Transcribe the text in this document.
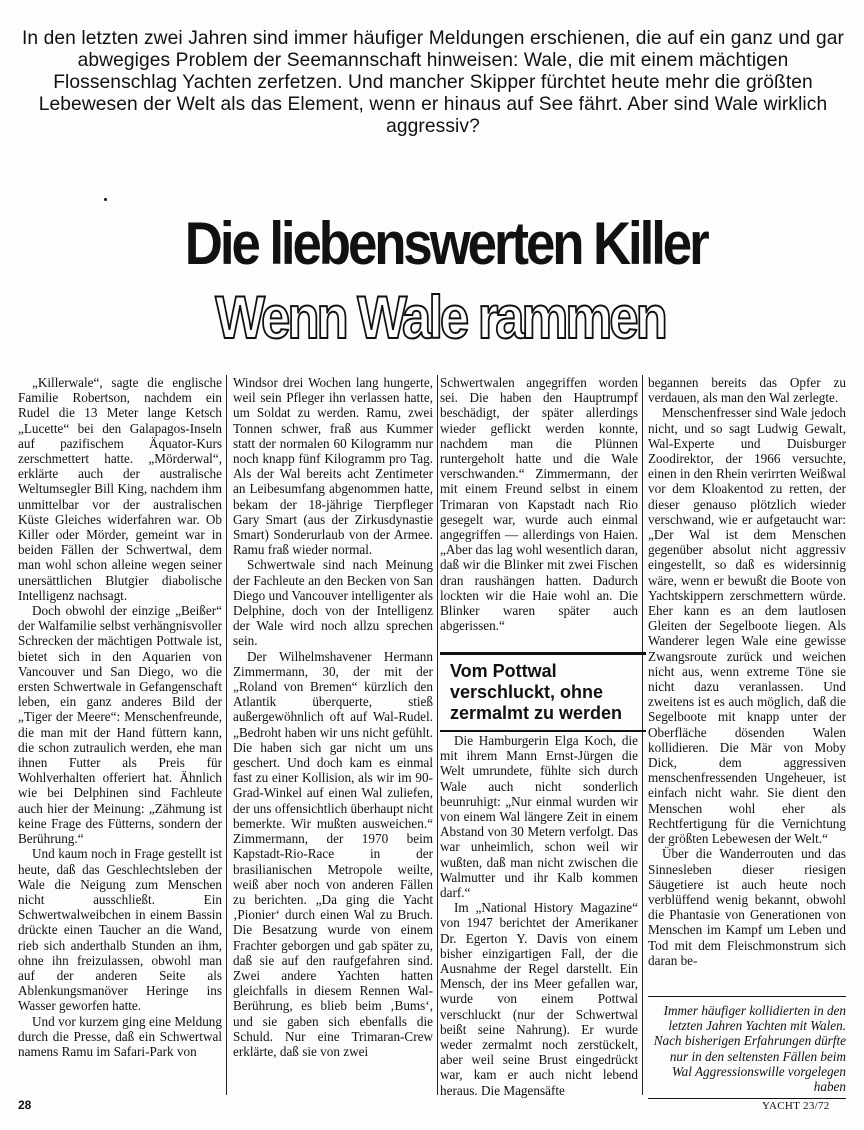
In den letzten zwei Jahren sind immer häufiger Meldungen erschienen, die auf ein ganz und gar abwegiges Problem der Seemannschaft hinweisen: Wale, die mit einem mächtigen Flossenschlag Yachten zerfetzen. Und mancher Skipper fürchtet heute mehr die größten Lebewesen der Welt als das Element, wenn er hinaus auf See fährt. Aber sind Wale wirklich aggressiv?
Die liebenswerten Killer
Wenn Wale rammen

„Killerwale“, sagte die englische Familie Robertson, nachdem ein Rudel die 13 Meter lange Ketsch „Lucette“ bei den Galapagos-Inseln auf pazifischem Äquator-Kurs zerschmettert hatte. „Mörderwal“, erklärte auch der australische Weltumsegler Bill King, nachdem ihm unmittelbar vor der australischen Küste Gleiches widerfahren war. Ob Killer oder Mörder, gemeint war in beiden Fällen der Schwertwal, dem man wohl schon alleine wegen seiner unersättlichen Blutgier diabolische Intelligenz nachsagt.

Doch obwohl der einzige „Beißer“ der Walfamilie selbst verhängnisvoller Schrecken der mächtigen Pottwale ist, bietet sich in den Aquarien von Vancouver und San Diego, wo die ersten Schwertwale in Gefangenschaft leben, ein ganz anderes Bild der „Tiger der Meere“: Menschenfreunde, die man mit der Hand füttern kann, die schon zutraulich werden, ehe man ihnen Futter als Preis für Wohlverhalten offeriert hat. Ähnlich wie bei Delphinen sind Fachleute auch hier der Meinung: „Zähmung ist keine Frage des Fütterns, sondern der Berührung.“

Und kaum noch in Frage gestellt ist heute, daß das Geschlechtsleben der Wale die Neigung zum Menschen nicht ausschließt. Ein Schwertwalweibchen in einem Bassin drückte einen Taucher an die Wand, rieb sich anderthalb Stunden an ihm, ohne ihn freizulassen, obwohl man auf der anderen Seite als Ablenkungsmanöver Heringe ins Wasser geworfen hatte.

Und vor kurzem ging eine Meldung durch die Presse, daß ein Schwertwal namens Ramu im Safari-Park von

Windsor drei Wochen lang hungerte, weil sein Pfleger ihn verlassen hatte, um Soldat zu werden. Ramu, zwei Tonnen schwer, fraß aus Kummer statt der normalen 60 Kilogramm nur noch knapp fünf Kilogramm pro Tag. Als der Wal bereits acht Zentimeter an Leibesumfang abgenommen hatte, bekam der 18-jährige Tierpfleger Gary Smart (aus der Zirkusdynastie Smart) Sonderurlaub von der Armee. Ramu fraß wieder normal.

Schwertwale sind nach Meinung der Fachleute an den Becken von San Diego und Vancouver intelligenter als Delphine, doch von der Intelligenz der Wale wird noch allzu sprechen sein.

Der Wilhelmshavener Hermann Zimmermann, 30, der mit der „Roland von Bremen“ kürzlich den Atlantik überquerte, stieß außergewöhnlich oft auf Wal-Rudel. „Bedroht haben wir uns nicht gefühlt. Die haben sich gar nicht um uns geschert. Und doch kam es einmal fast zu einer Kollision, als wir im 90-Grad-Winkel auf einen Wal zuliefen, der uns offensichtlich überhaupt nicht bemerkte. Wir mußten ausweichen.“ Zimmermann, der 1970 beim Kapstadt-Rio-Race in der brasilianischen Metropole weilte, weiß aber noch von anderen Fällen zu berichten. „Da ging die Yacht ‚Pionier‘ durch einen Wal zu Bruch. Die Besatzung wurde von einem Frachter geborgen und gab später zu, daß sie auf den raufgefahren sind. Zwei andere Yachten hatten gleichfalls in diesem Rennen Wal-Berührung, es blieb beim ‚Bums‘, und sie gaben sich ebenfalls die Schuld. Nur eine Trimaran-Crew erklärte, daß sie von zwei

Schwertwalen angegriffen worden sei. Die haben den Hauptrumpf beschädigt, der später allerdings wieder geflickt werden konnte, nachdem man die Plünnen runtergeholt hatte und die Wale verschwanden.“ Zimmermann, der mit einem Freund selbst in einem Trimaran von Kapstadt nach Rio gesegelt war, wurde auch einmal angegriffen — allerdings von Haien. „Aber das lag wohl wesentlich daran, daß wir die Blinker mit zwei Fischen dran raushängen hatten. Dadurch lockten wir die Haie wohl an. Die Blinker waren später auch abgerissen.“

Vom Pottwal verschluckt, ohne zermalmt zu werden

Die Hamburgerin Elga Koch, die mit ihrem Mann Ernst-Jürgen die Welt umrundete, fühlte sich durch Wale auch nicht sonderlich beunruhigt: „Nur einmal wurden wir von einem Wal längere Zeit in einem Abstand von 30 Metern verfolgt. Das war unheimlich, schon weil wir wußten, daß man nicht zwischen die Walmutter und ihr Kalb kommen darf.“

Im „National History Magazine“ von 1947 berichtet der Amerikaner Dr. Egerton Y. Davis von einem bisher einzigartigen Fall, der die Ausnahme der Regel darstellt. Ein Mensch, der ins Meer gefallen war, wurde von einem Pottwal verschluckt (nur der Schwertwal beißt seine Nahrung). Er wurde weder zermalmt noch zerstückelt, aber weil seine Brust eingedrückt war, kam er auch nicht lebend heraus. Die Magensäfte

begannen bereits das Opfer zu verdauen, als man den Wal zerlegte.

Menschenfresser sind Wale jedoch nicht, und so sagt Ludwig Gewalt, Wal-Experte und Duisburger Zoodirektor, der 1966 versuchte, einen in den Rhein verirrten Weißwal vor dem Kloakentod zu retten, der dieser genauso plötzlich wieder verschwand, wie er aufgetaucht war: „Der Wal ist dem Menschen gegenüber absolut nicht aggressiv eingestellt, so daß es widersinnig wäre, wenn er bewußt die Boote von Yachtskippern zerschmettern würde. Eher kann es an dem lautlosen Gleiten der Segelboote liegen. Als Wanderer legen Wale eine gewisse Zwangsroute zurück und weichen nicht aus, wenn extreme Töne sie nicht dazu veranlassen. Und zweitens ist es auch möglich, daß die Segelboote mit knapp unter der Oberfläche dösenden Walen kollidieren. Die Mär von Moby Dick, dem aggressiven menschenfressenden Ungeheuer, ist einfach nicht wahr. Sie dient den Menschen wohl eher als Rechtfertigung für die Vernichtung der größten Lebewesen der Welt.“

Über die Wanderrouten und das Sinnesleben dieser riesigen Säugetiere ist auch heute noch verblüffend wenig bekannt, obwohl die Phantasie von Generationen von Menschen im Kampf um Leben und Tod mit dem Fleischmonstrum sich daran be-

Immer häufiger kollidierten in den letzten Jahren Yachten mit Walen. Nach bisherigen Erfahrungen dürfte nur in den seltensten Fällen beim Wal Aggressionswille vorgelegen haben
28	YACHT 23/72
